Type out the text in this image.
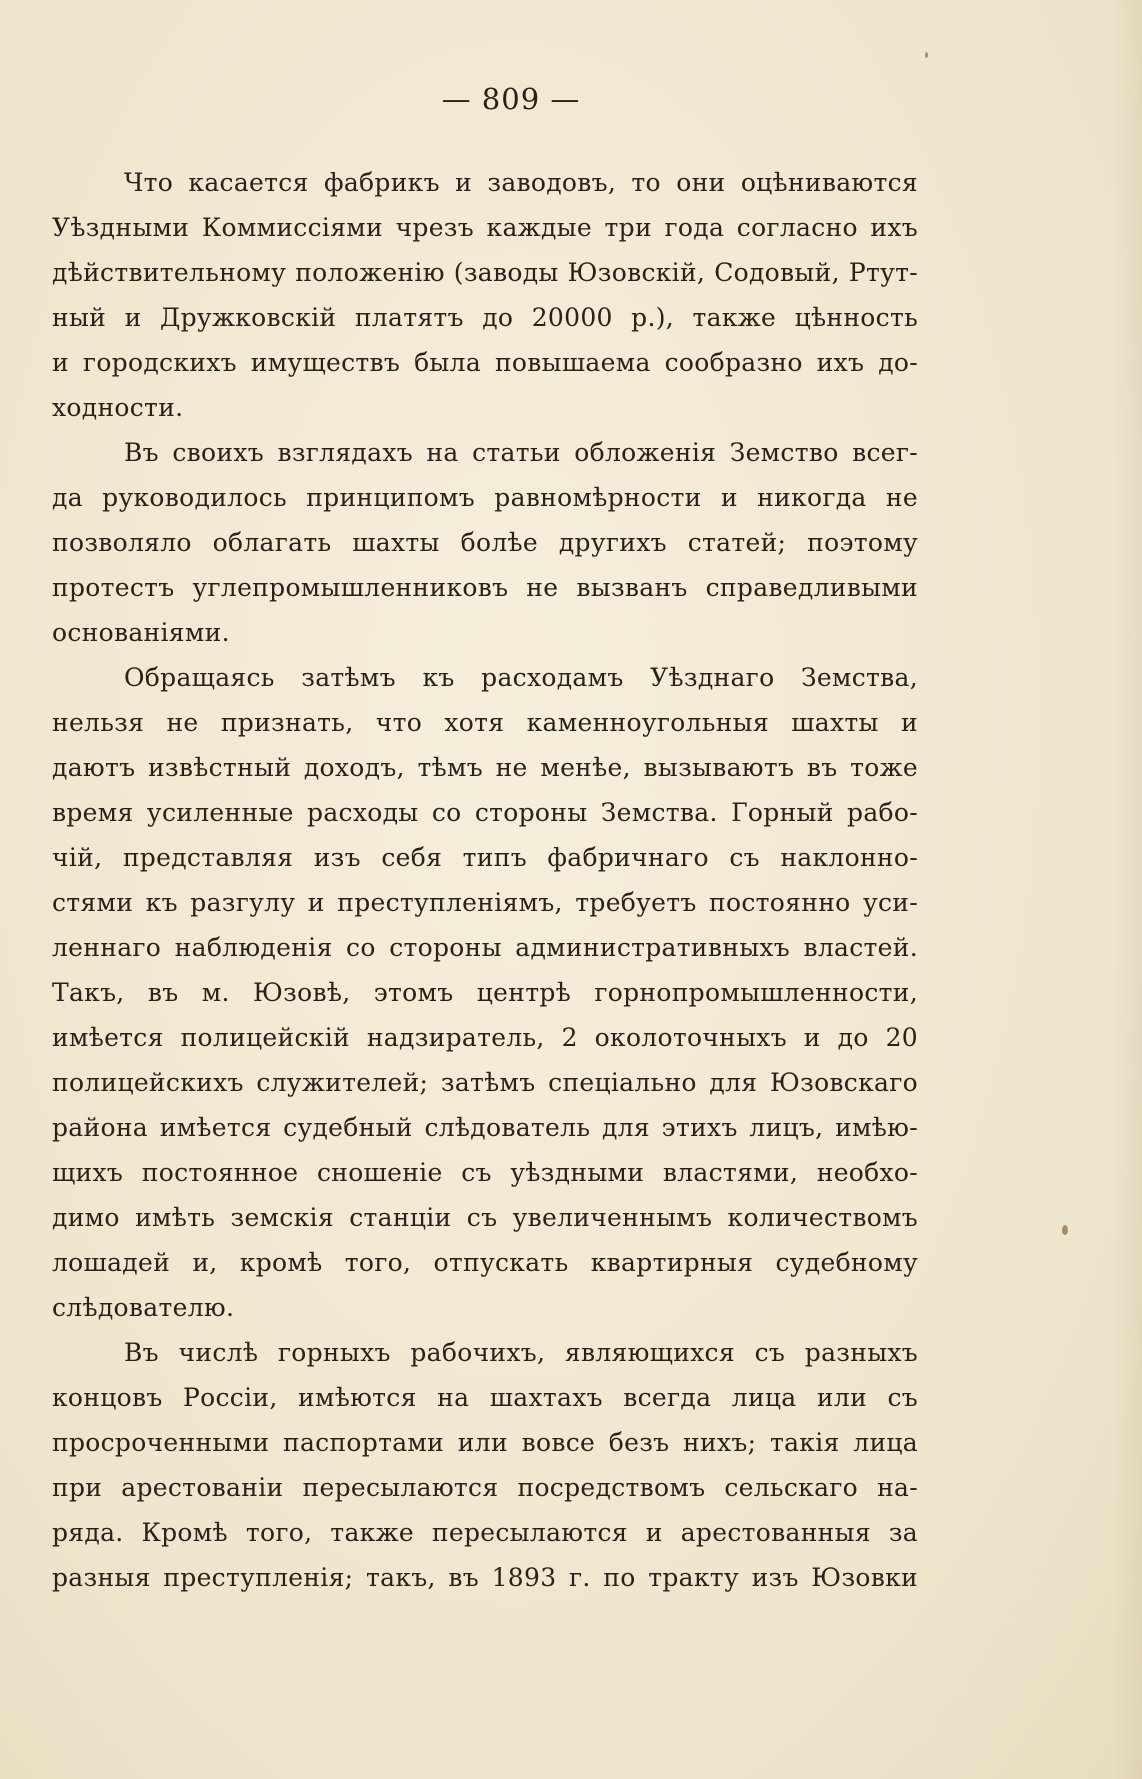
— 809 —
Что касается фабрикъ и заводовъ, то они оцѣниваются
Уѣздными Коммиссіями чрезъ каждые три года согласно ихъ
дѣйствительному положенію (заводы Юзовскій, Содовый, Ртут-
ный и Дружковскій платятъ до 20000 р.), также цѣнность
и городскихъ имуществъ была повышаема сообразно ихъ до-
ходности.
Въ своихъ взглядахъ на статьи обложенія Земство всег-
да руководилось принципомъ равномѣрности и никогда не
позволяло облагать шахты болѣе другихъ статей; поэтому
протестъ углепромышленниковъ не вызванъ справедливыми
основаніями.
Обращаясь затѣмъ къ расходамъ Уѣзднаго Земства,
нельзя не признать, что хотя каменноугольныя шахты и
даютъ извѣстный доходъ, тѣмъ не менѣе, вызываютъ въ тоже
время усиленные расходы со стороны Земства. Горный рабо-
чій, представляя изъ себя типъ фабричнаго съ наклонно-
стями къ разгулу и преступленіямъ, требуетъ постоянно уси-
леннаго наблюденія со стороны административныхъ властей.
Такъ, въ м. Юзовѣ, этомъ центрѣ горнопромышленности,
имѣется полицейскій надзиратель, 2 околоточныхъ и до 20
полицейскихъ служителей; затѣмъ спеціально для Юзовскаго
района имѣется судебный слѣдователь для этихъ лицъ, имѣю-
щихъ постоянное сношеніе съ уѣздными властями, необхо-
димо имѣть земскія станціи съ увеличеннымъ количествомъ
лошадей и, кромѣ того, отпускать квартирныя судебному
слѣдователю.
Въ числѣ горныхъ рабочихъ, являющихся съ разныхъ
концовъ Россіи, имѣются на шахтахъ всегда лица или съ
просроченными паспортами или вовсе безъ нихъ; такія лица
при арестованіи пересылаются посредствомъ сельскаго на-
ряда. Кромѣ того, также пересылаются и арестованныя за
разныя преступленія; такъ, въ 1893 г. по тракту изъ Юзовки
